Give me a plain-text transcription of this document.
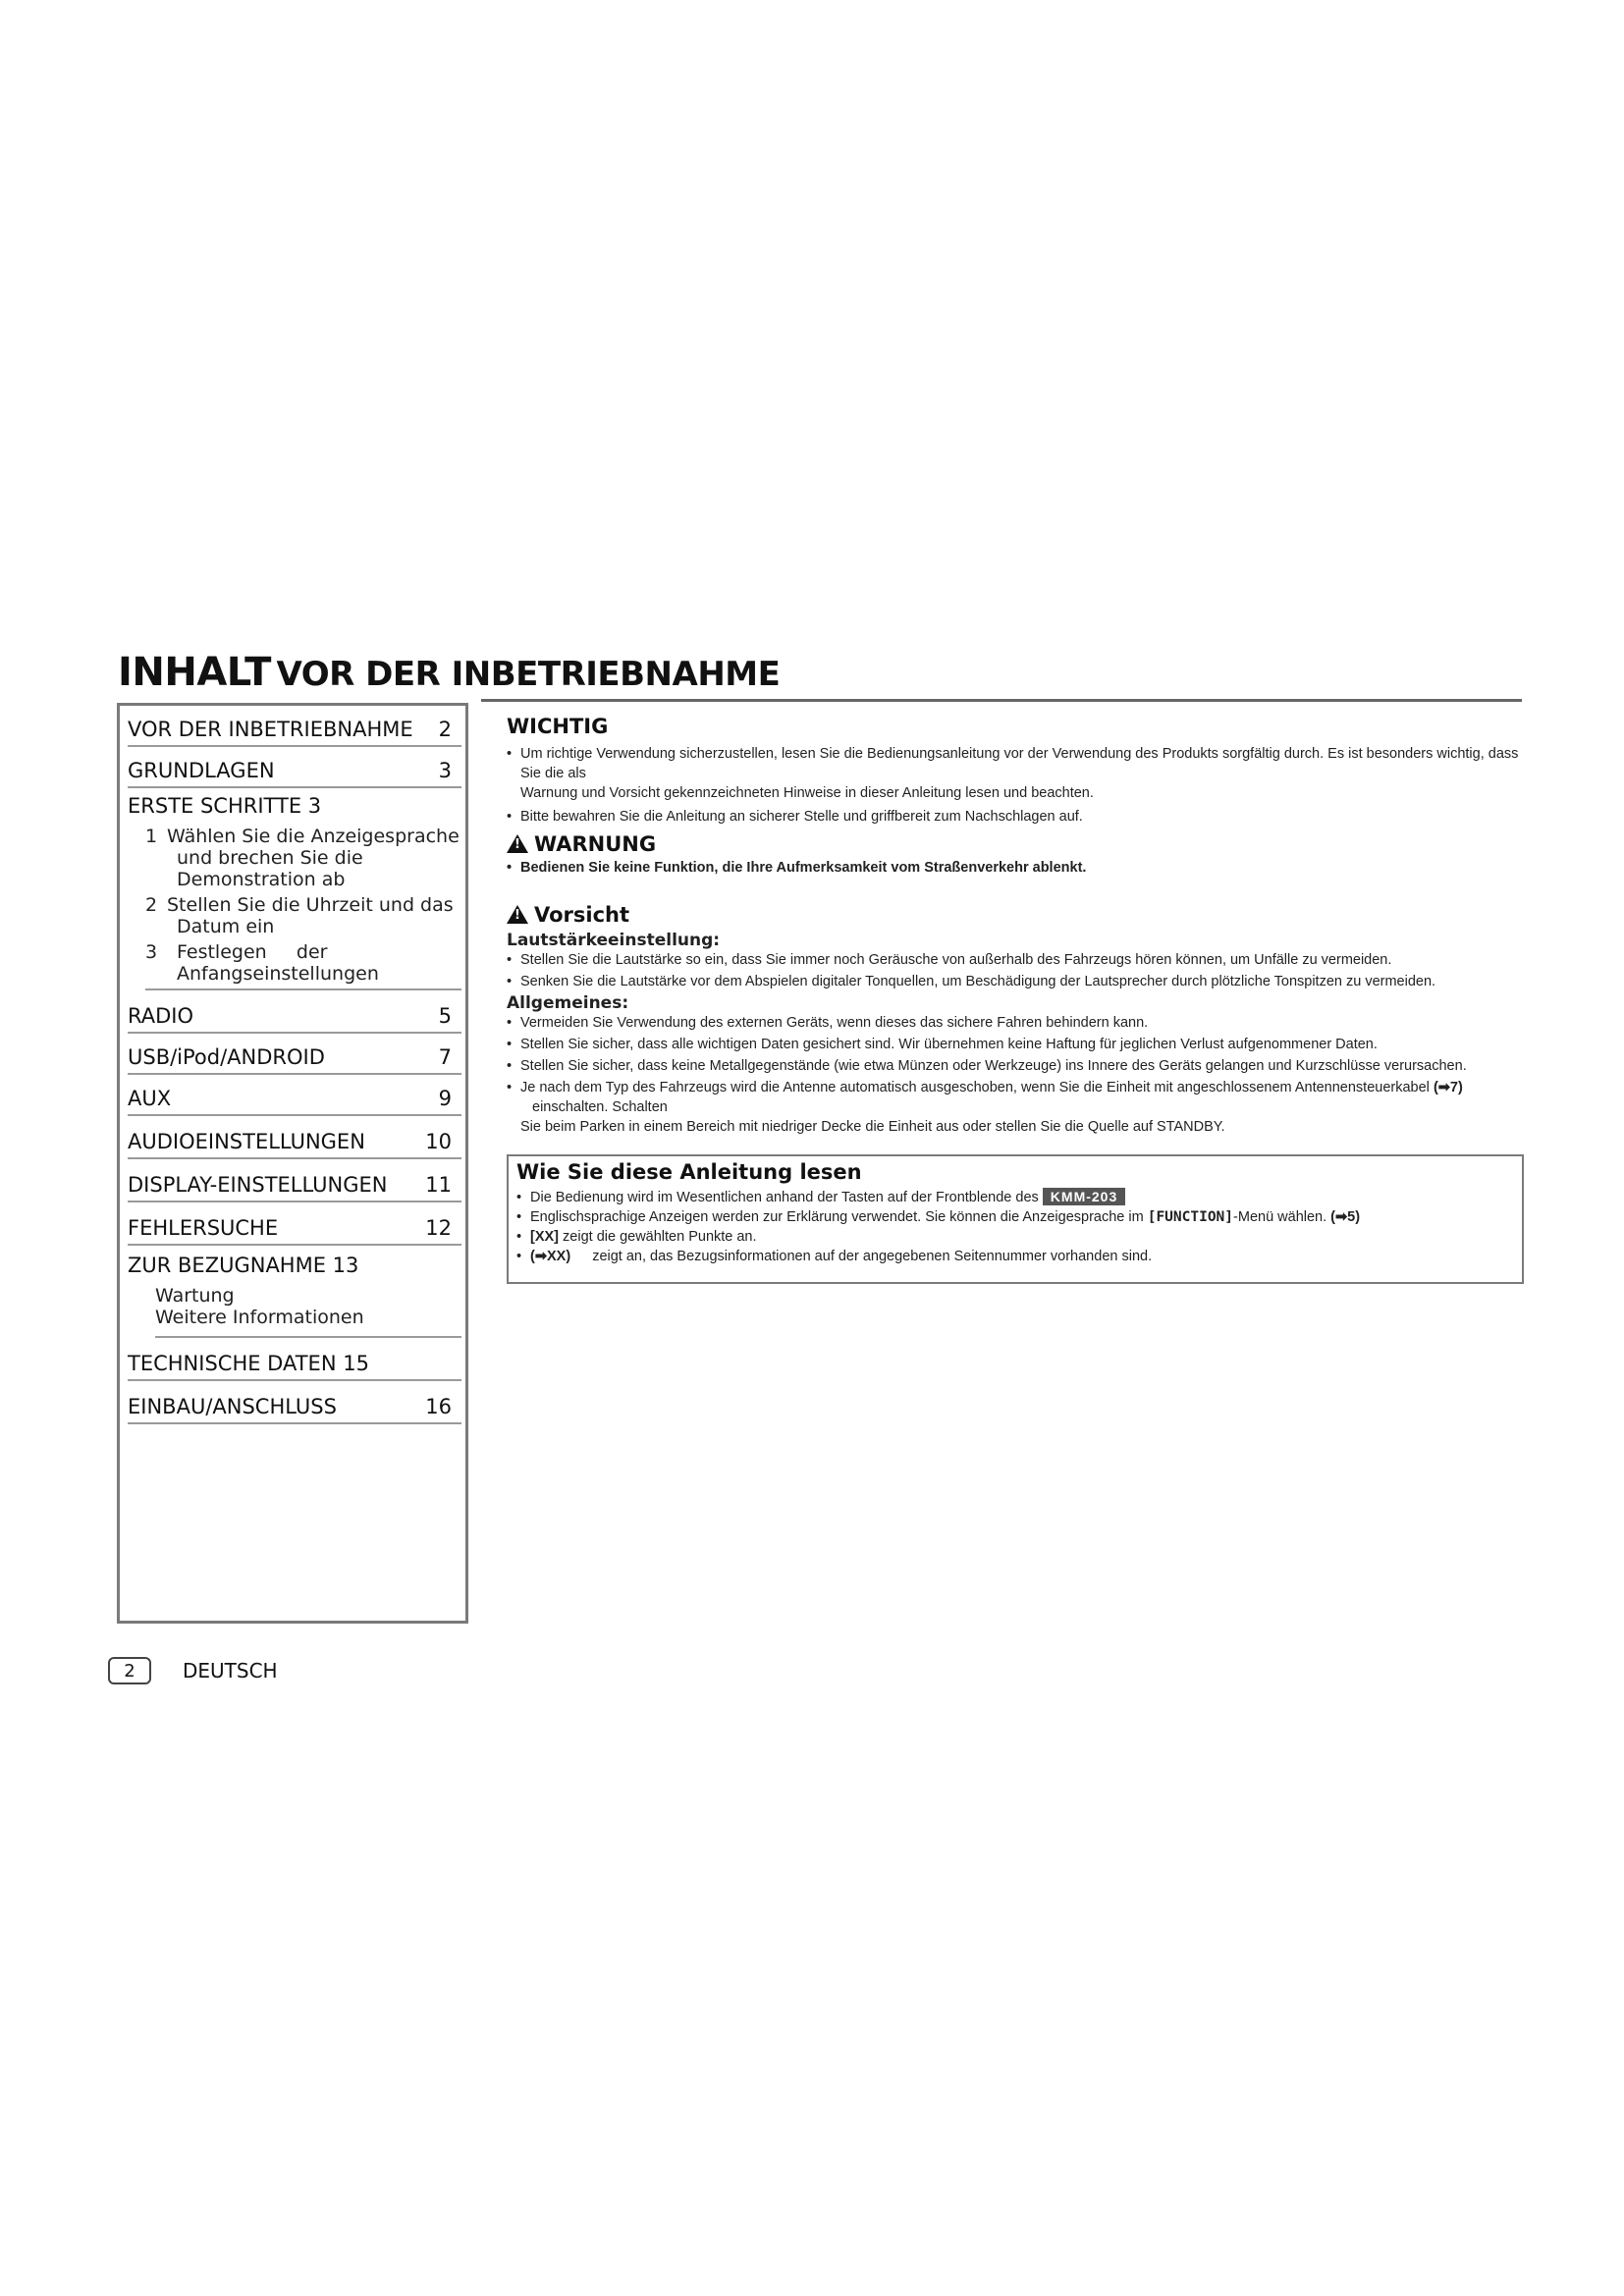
INHALT VOR DER INBETRIEBNAHME
VOR DER INBETRIEBNAHME 2
GRUNDLAGEN	3
ERSTE SCHRITTE 3
1 Wählen Sie die Anzeigesprache
und brechen Sie die
Demonstration ab
2 Stellen Sie die Uhrzeit und das
Datum ein
3 Festlegen     der
Anfangseinstellungen
RADIO	5
USB/iPod/ANDROID	7
AUX	9
AUDIOEINSTELLUNGEN	10
DISPLAY-EINSTELLUNGEN 11
FEHLERSUCHE	12
ZUR BEZUGNAHME 13
Wartung
Weitere Informationen
TECHNISCHE DATEN 15
EINBAU/ANSCHLUSS	16
WICHTIG
• Um richtige Verwendung sicherzustellen, lesen Sie die Bedienungsanleitung vor der Verwendung des Produkts sorgfältig durch. Es ist besonders wichtig, dass Sie die als
Warnung und Vorsicht gekennzeichneten Hinweise in dieser Anleitung lesen und beachten.
• Bitte bewahren Sie die Anleitung an sicherer Stelle und griffbereit zum Nachschlagen auf.
!WARNUNG
• Bedienen Sie keine Funktion, die Ihre Aufmerksamkeit vom Straßenverkehr ablenkt.
!Vorsicht
Lautstärkeeinstellung:
• Stellen Sie die Lautstärke so ein, dass Sie immer noch Geräusche von außerhalb des Fahrzeugs hören können, um Unfälle zu vermeiden.
• Senken Sie die Lautstärke vor dem Abspielen digitaler Tonquellen, um Beschädigung der Lautsprecher durch plötzliche Tonspitzen zu vermeiden.
Allgemeines:
• Vermeiden Sie Verwendung des externen Geräts, wenn dieses das sichere Fahren behindern kann.
• Stellen Sie sicher, dass alle wichtigen Daten gesichert sind. Wir übernehmen keine Haftung für jeglichen Verlust aufgenommener Daten.
• Stellen Sie sicher, dass keine Metallgegenstände (wie etwa Münzen oder Werkzeuge) ins Innere des Geräts gelangen und Kurzschlüsse verursachen.
• Je nach dem Typ des Fahrzeugs wird die Antenne automatisch ausgeschoben, wenn Sie die Einheit mit angeschlossenem Antennensteuerkabel (➡7) einschalten. Schalten
Sie beim Parken in einem Bereich mit niedriger Decke die Einheit aus oder stellen Sie die Quelle auf STANDBY.
Wie Sie diese Anleitung lesen
• Die Bedienung wird im Wesentlichen anhand der Tasten auf der Frontblende des KMM-203
• Englischsprachige Anzeigen werden zur Erklärung verwendet. Sie können die Anzeigesprache im [FUNCTION]-Menü wählen. (➡5)
• [XX] zeigt die gewählten Punkte an.
• (➡XX) zeigt an, das Bezugsinformationen auf der angegebenen Seitennummer vorhanden sind.
2	DEUTSCH
